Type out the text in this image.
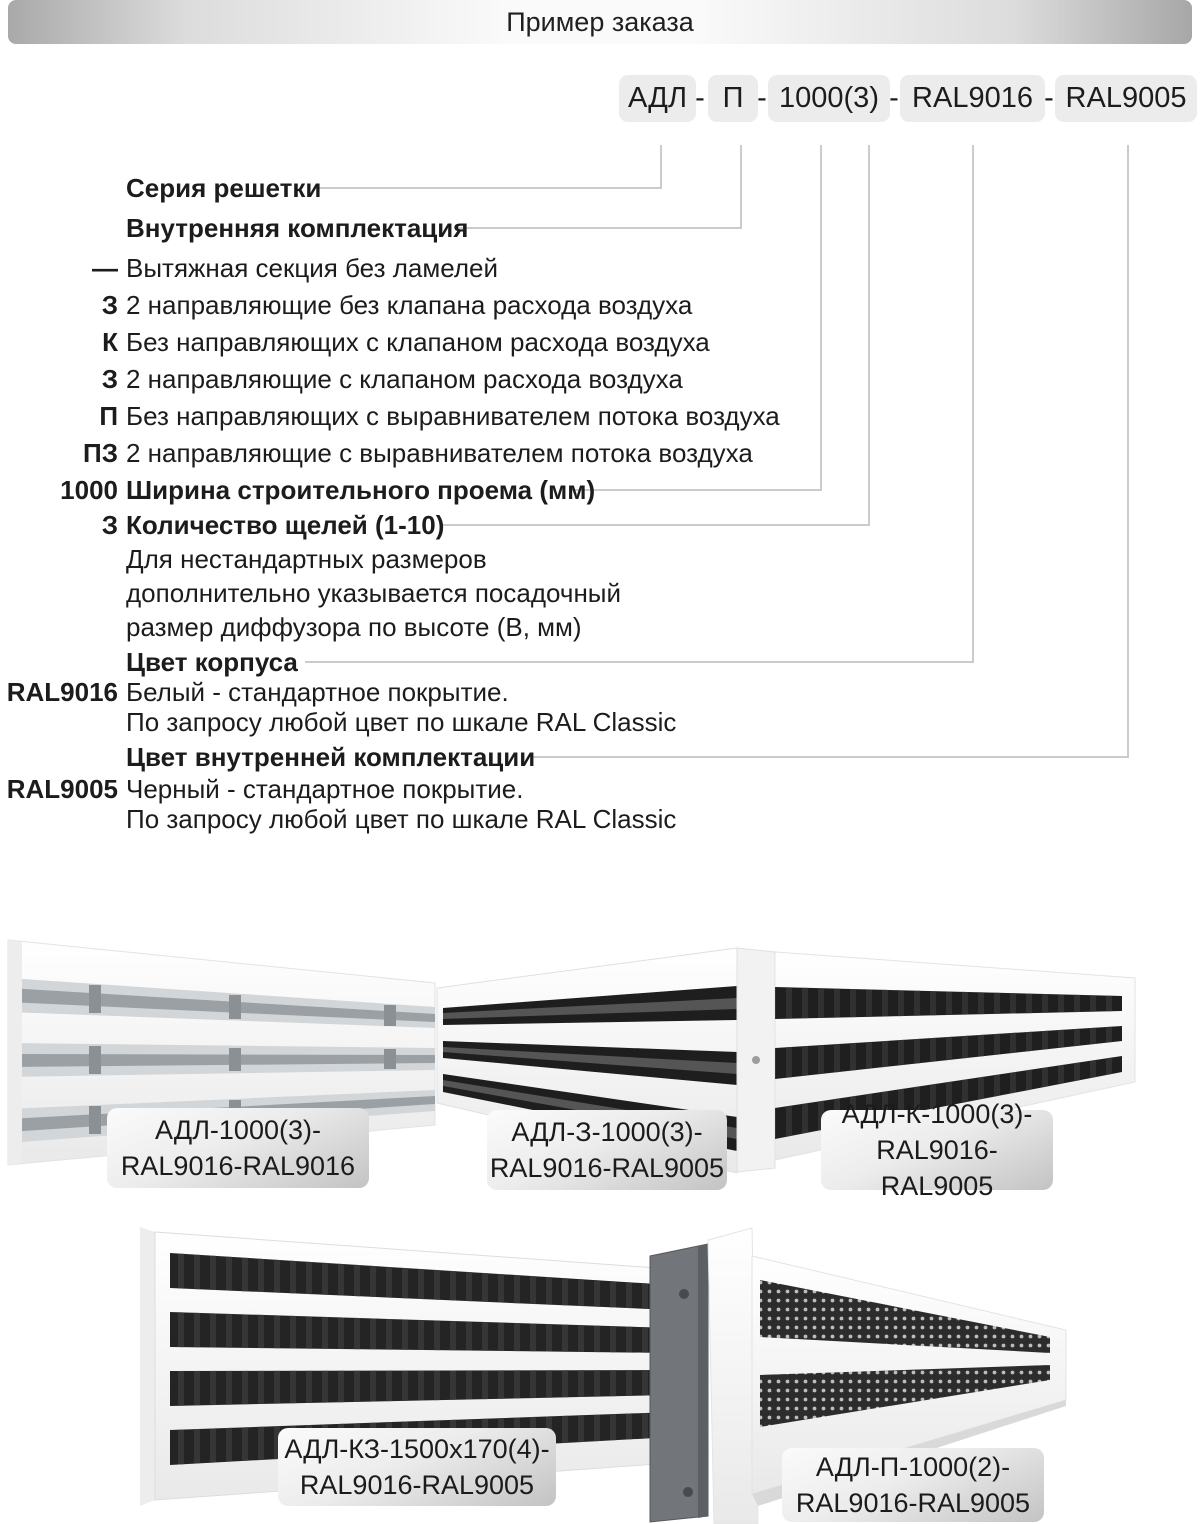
Пример заказа
АДЛ - П - 1000(3) - RAL9016 - RAL9005
Серия решетки
Внутренняя комплектация
— Вытяжная секция без ламелей
З 2 направляющие без клапана расхода воздуха
К Без направляющих с клапаном расхода воздуха
З 2 направляющие с клапаном расхода воздуха
П Без направляющих с выравнивателем потока воздуха
ПЗ 2 направляющие с выравнивателем потока воздуха
1000 Ширина строительного проема (мм)
З Количество щелей (1-10)
Для нестандартных размеров
дополнительно указывается посадочный
размер диффузора по высоте (В, мм)
Цвет корпуса
RAL9016 Белый - стандартное покрытие.
По запросу любой цвет по шкале RAL Classic
Цвет внутренней комплектации
RAL9005 Черный - стандартное покрытие.
По запросу любой цвет по шкале RAL Classic
АДЛ-1000(3)-
RAL9016-RAL9016
АДЛ-З-1000(3)-
RAL9016-RAL9005
АДЛ-К-1000(3)-
RAL9016-RAL9005
АДЛ-КЗ-1500x170(4)-
RAL9016-RAL9005
АДЛ-П-1000(2)-
RAL9016-RAL9005
